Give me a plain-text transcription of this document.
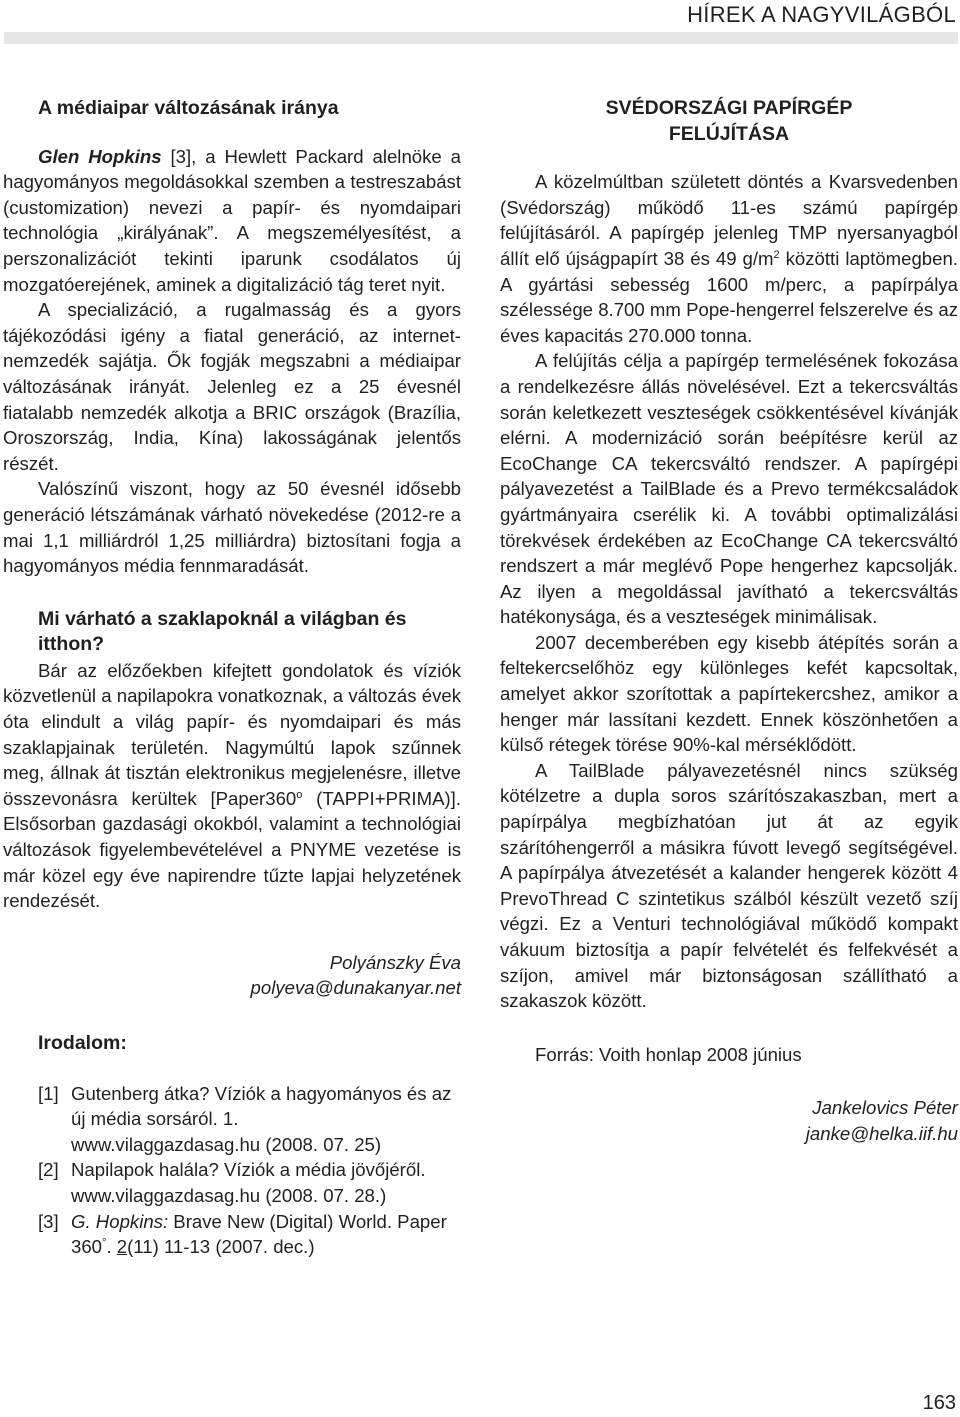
HÍREK A NAGYVILÁGBÓL
A médiaipar változásának iránya

Glen Hopkins [3], a Hewlett Packard alelnöke a hagyományos megoldásokkal szemben a testreszabást (customization) nevezi a papír- és nyomdaipari technológia „királyának”. A megszemélyesítést, a perszonalizációt tekinti iparunk csodálatos új mozgatóerejének, aminek a digitalizáció tág teret nyit.

A specializáció, a rugalmasság és a gyors tájékozódási igény a fiatal generáció, az internet-nemzedék sajátja. Ők fogják megszabni a médiaipar változásának irányát. Jelenleg ez a 25 évesnél fiatalabb nemzedék alkotja a BRIC országok (Brazília, Oroszország, India, Kína) lakosságának jelentős részét.

Valószínű viszont, hogy az 50 évesnél idősebb generáció létszámának várható növekedése (2012-re a mai 1,1 milliárdról 1,25 milliárdra) biztosítani fogja a hagyományos média fennmaradását.

Mi várható a szaklapoknál a világban és itthon?

Bár az előzőekben kifejtett gondolatok és víziók közvetlenül a napilapokra vonatkoznak, a változás évek óta elindult a világ papír- és nyomdaipari és más szaklapjainak területén. Nagymúltú lapok szűnnek meg, állnak át tisztán elektronikus megjelenésre, illetve összevonásra kerültek [Paper360$^o$ (TAPPI+PRIMA)]. Elsősorban gazdasági okokból, valamint a technológiai változások figyelembevételével a PNYME vezetése is már közel egy éve napirendre tűzte lapjai helyzetének rendezését.

Polyánszky Éva

polyeva@dunakanyar.net

Irodalom:
[1] Gutenberg átka? Víziók a hagyományos és az új média sorsáról. 1.
www.vilaggazdasag.hu (2008. 07. 25)
[2] Napilapok halála? Víziók a média jövőjéről.
www.vilaggazdasag.hu (2008. 07. 28.)
[3] G. Hopkins: Brave New (Digital) World. Paper 360°. 2(11) 11-13 (2007. dec.)
SVÉDORSZÁGI PAPÍRGÉP
FELÚJÍTÁSA

A közelmúltban született döntés a Kvarsvedenben (Svédország) működő 11-es számú papírgép felújításáról. A papírgép jelenleg TMP nyersanyagból állít elő újságpapírt 38 és 49 $g/m^2$ közötti laptömegben. A gyártási sebesség 1600 m/perc, a papírpálya szélessége 8.700 mm Pope-hengerrel felszerelve és az éves kapacitás 270.000 tonna.

A felújítás célja a papírgép termelésének fokozása a rendelkezésre állás növelésével. Ezt a tekercsváltás során keletkezett veszteségek csökkentésével kívánják elérni. A modernizáció során beépítésre kerül az EcoChange CA tekercsváltó rendszer. A papírgépi pályavezetést a TailBlade és a Prevo termékcsaládok gyártmányaira cserélik ki. A további optimalizálási törekvések érdekében az EcoChange CA tekercsváltó rendszert a már meglévő Pope hengerhez kapcsolják. Az ilyen a megoldással javítható a tekercsváltás hatékonysága, és a veszteségek minimálisak.

2007 decemberében egy kisebb átépítés során a feltekercselőhöz egy különleges kefét kapcsoltak, amelyet akkor szorítottak a papírtekercshez, amikor a henger már lassítani kezdett. Ennek köszönhetően a külső rétegek törése 90%-kal mérséklődött.

A TailBlade pályavezetésnél nincs szükség kötélzetre a dupla soros szárítószakaszban, mert a papírpálya megbízhatóan jut át az egyik szárítóhengerről a másikra fúvott levegő segítségével. A papírpálya átvezetését a kalander hengerek között 4 PrevoThread C szintetikus szálból készült vezető szíj végzi. Ez a Venturi technológiával működő kompakt vákuum biztosítja a papír felvételét és felfekvését a szíjon, amivel már biztonságosan szállítható a szakaszok között.

Forrás: Voith honlap 2008 június

Jankelovics Péter

janke@helka.iif.hu

163
